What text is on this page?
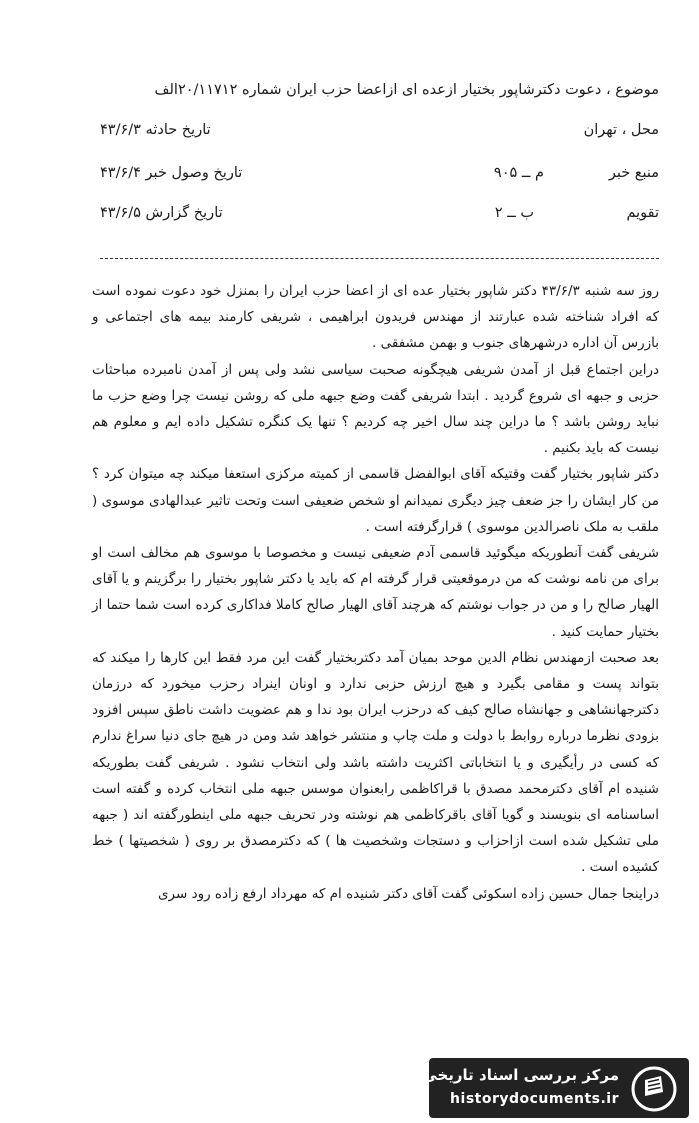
موضوع ، دعوت دکترشاپور بختیار ازعده ای ازاعضا حزب ایران شماره ۲۰/۱۱۷۱۲الف
محل ، تهران
تاریخ حادثه ۴۳/۶/۳
منبع خبر
م ــ ۹۰۵
تاریخ وصول خبر ۴۳/۶/۴
تقویم
ب ــ ۲
تاریخ گزارش ۴۳/۶/۵

روز سه شنبه ۴۳/۶/۳ دکتر شاپور بختیار عده ای از اعضا حزب ایران را بمنزل خود دعوت نموده است که افراد شناخته شده عبارتند از مهندس فریدون ابراهیمی ، شریفی کارمند بیمه های اجتماعی و بازرس آن اداره درشهرهای جنوب و بهمن مشفقی .

دراین اجتماع قبل از آمدن شریفی هیچگونه صحبت سیاسی نشد ولی پس از آمدن نامبرده مباحثات حزبی و جبهه ای شروع گردید . ابتدا شریفی گفت وضع جبهه ملی که روشن نیست چرا وضع حزب ما نباید روشن باشد ؟ ما دراین چند سال اخیر چه کردیم ؟ تنها یک کنگره تشکیل داده ایم و معلوم هم نیست که باید بکنیم .

دکتر شاپور بختیار گفت وقتیکه آقای ابوالفضل قاسمی از کمیته مرکزی استعفا میکند چه میتوان کرد ؟ من کار ایشان را جز ضعف چیز دیگری نمیدانم او شخص ضعیفی است وتحت تاثیر عبدالهادی موسوی ( ملقب به ملک ناصرالدین موسوی ) قرارگرفته است .

شریفی گفت آنطوریکه میگوئید قاسمی آدم ضعیفی نیست و مخصوصا با موسوی هم مخالف است او برای من نامه نوشت که من درموقعیتی قرار گرفته ام که باید یا دکتر شاپور بختیار را برگزینم و یا آقای الهیار صالح را و من در جواب نوشتم که هرچند آقای الهیار صالح کاملا فداکاری کرده است شما حتما از بختیار حمایت کنید .

بعد صحبت ازمهندس نظام الدین موحد بمیان آمد دکتربختیار گفت این مرد فقط این کارها را میکند که بتواند پست و مقامی بگیرد و هیچ ارزش حزبی ندارد و اونان اینراد رحزب میخورد که درزمان دکترجهانشاهی و جهانشاه صالح کیف که درحزب ایران بود ندا و هم عضویت داشت ناطق سپس افزود بزودی نظرما درباره روابط با دولت و ملت چاپ و منتشر خواهد شد ومن در هیچ جای دنیا سراغ ندارم که کسی در رأیگیری و یا انتخاباتی اکثریت داشته باشد ولی انتخاب نشود . شریفی گفت بطوریکه شنیده ام آقای دکترمحمد مصدق با قراکاظمی رابعنوان موسس جبهه ملی انتخاب کرده و گفته است اساسنامه ای بنویسند و گویا آقای باقرکاظمی هم نوشته ودر تحریف جبهه ملی اینطورگفته اند ( جبهه ملی تشکیل شده است ازاحزاب و دستجات وشخصیت ها ) که دکترمصدق بر روی ( شخصیتها ) خط کشیده است .

دراینجا جمال حسین زاده اسکوئی گفت آقای دکتر شنیده ام که مهرداد ارفع زاده رود سری

مرکز بررسی اسناد تاریخی
historydocuments.ir
